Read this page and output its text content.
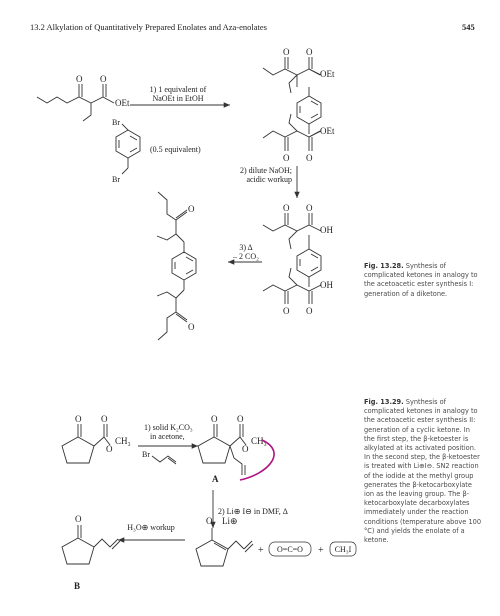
13.2 Alkylation of Quantitatively Prepared Enolates and Aza-enolates	545
O O
OEt
Br
Br
(0.5 equivalent)
1) 1 equivalent of
NaOEt in EtOH
O O
OEt
O O
OEt
2) dilute NaOH;
acidic workup
O O
OH
O O
OH
3) Δ
– 2 CO₂
O
O
O O
O
CH₃
1) solid K₂CO₃
in acetone,
Br
O O
O
CH₃
A
2) Li⊕ I⊖ in DMF, Δ
O Li⊕
+ O=C=O + CH₃I
H₃O⊕ workup
O
B
Fig. 13.28. Synthesis of complicated ketones in analogy to the acetoacetic ester synthesis I: generation of a diketone.
Fig. 13.29. Synthesis of complicated ketones in analogy to the acetoacetic ester synthesis II: generation of a cyclic ketone. In the first step, the β-ketoester is alkylated at its activated position. In the second step, the β-ketoester is treated with Li⊕I⊖. SN2 reaction of the iodide at the methyl group generates the β-ketocarboxylate ion as the leaving group. The β-ketocarboxylate decarboxylates immediately under the reaction conditions (temperature above 100 °C) and yields the enolate of a ketone.
